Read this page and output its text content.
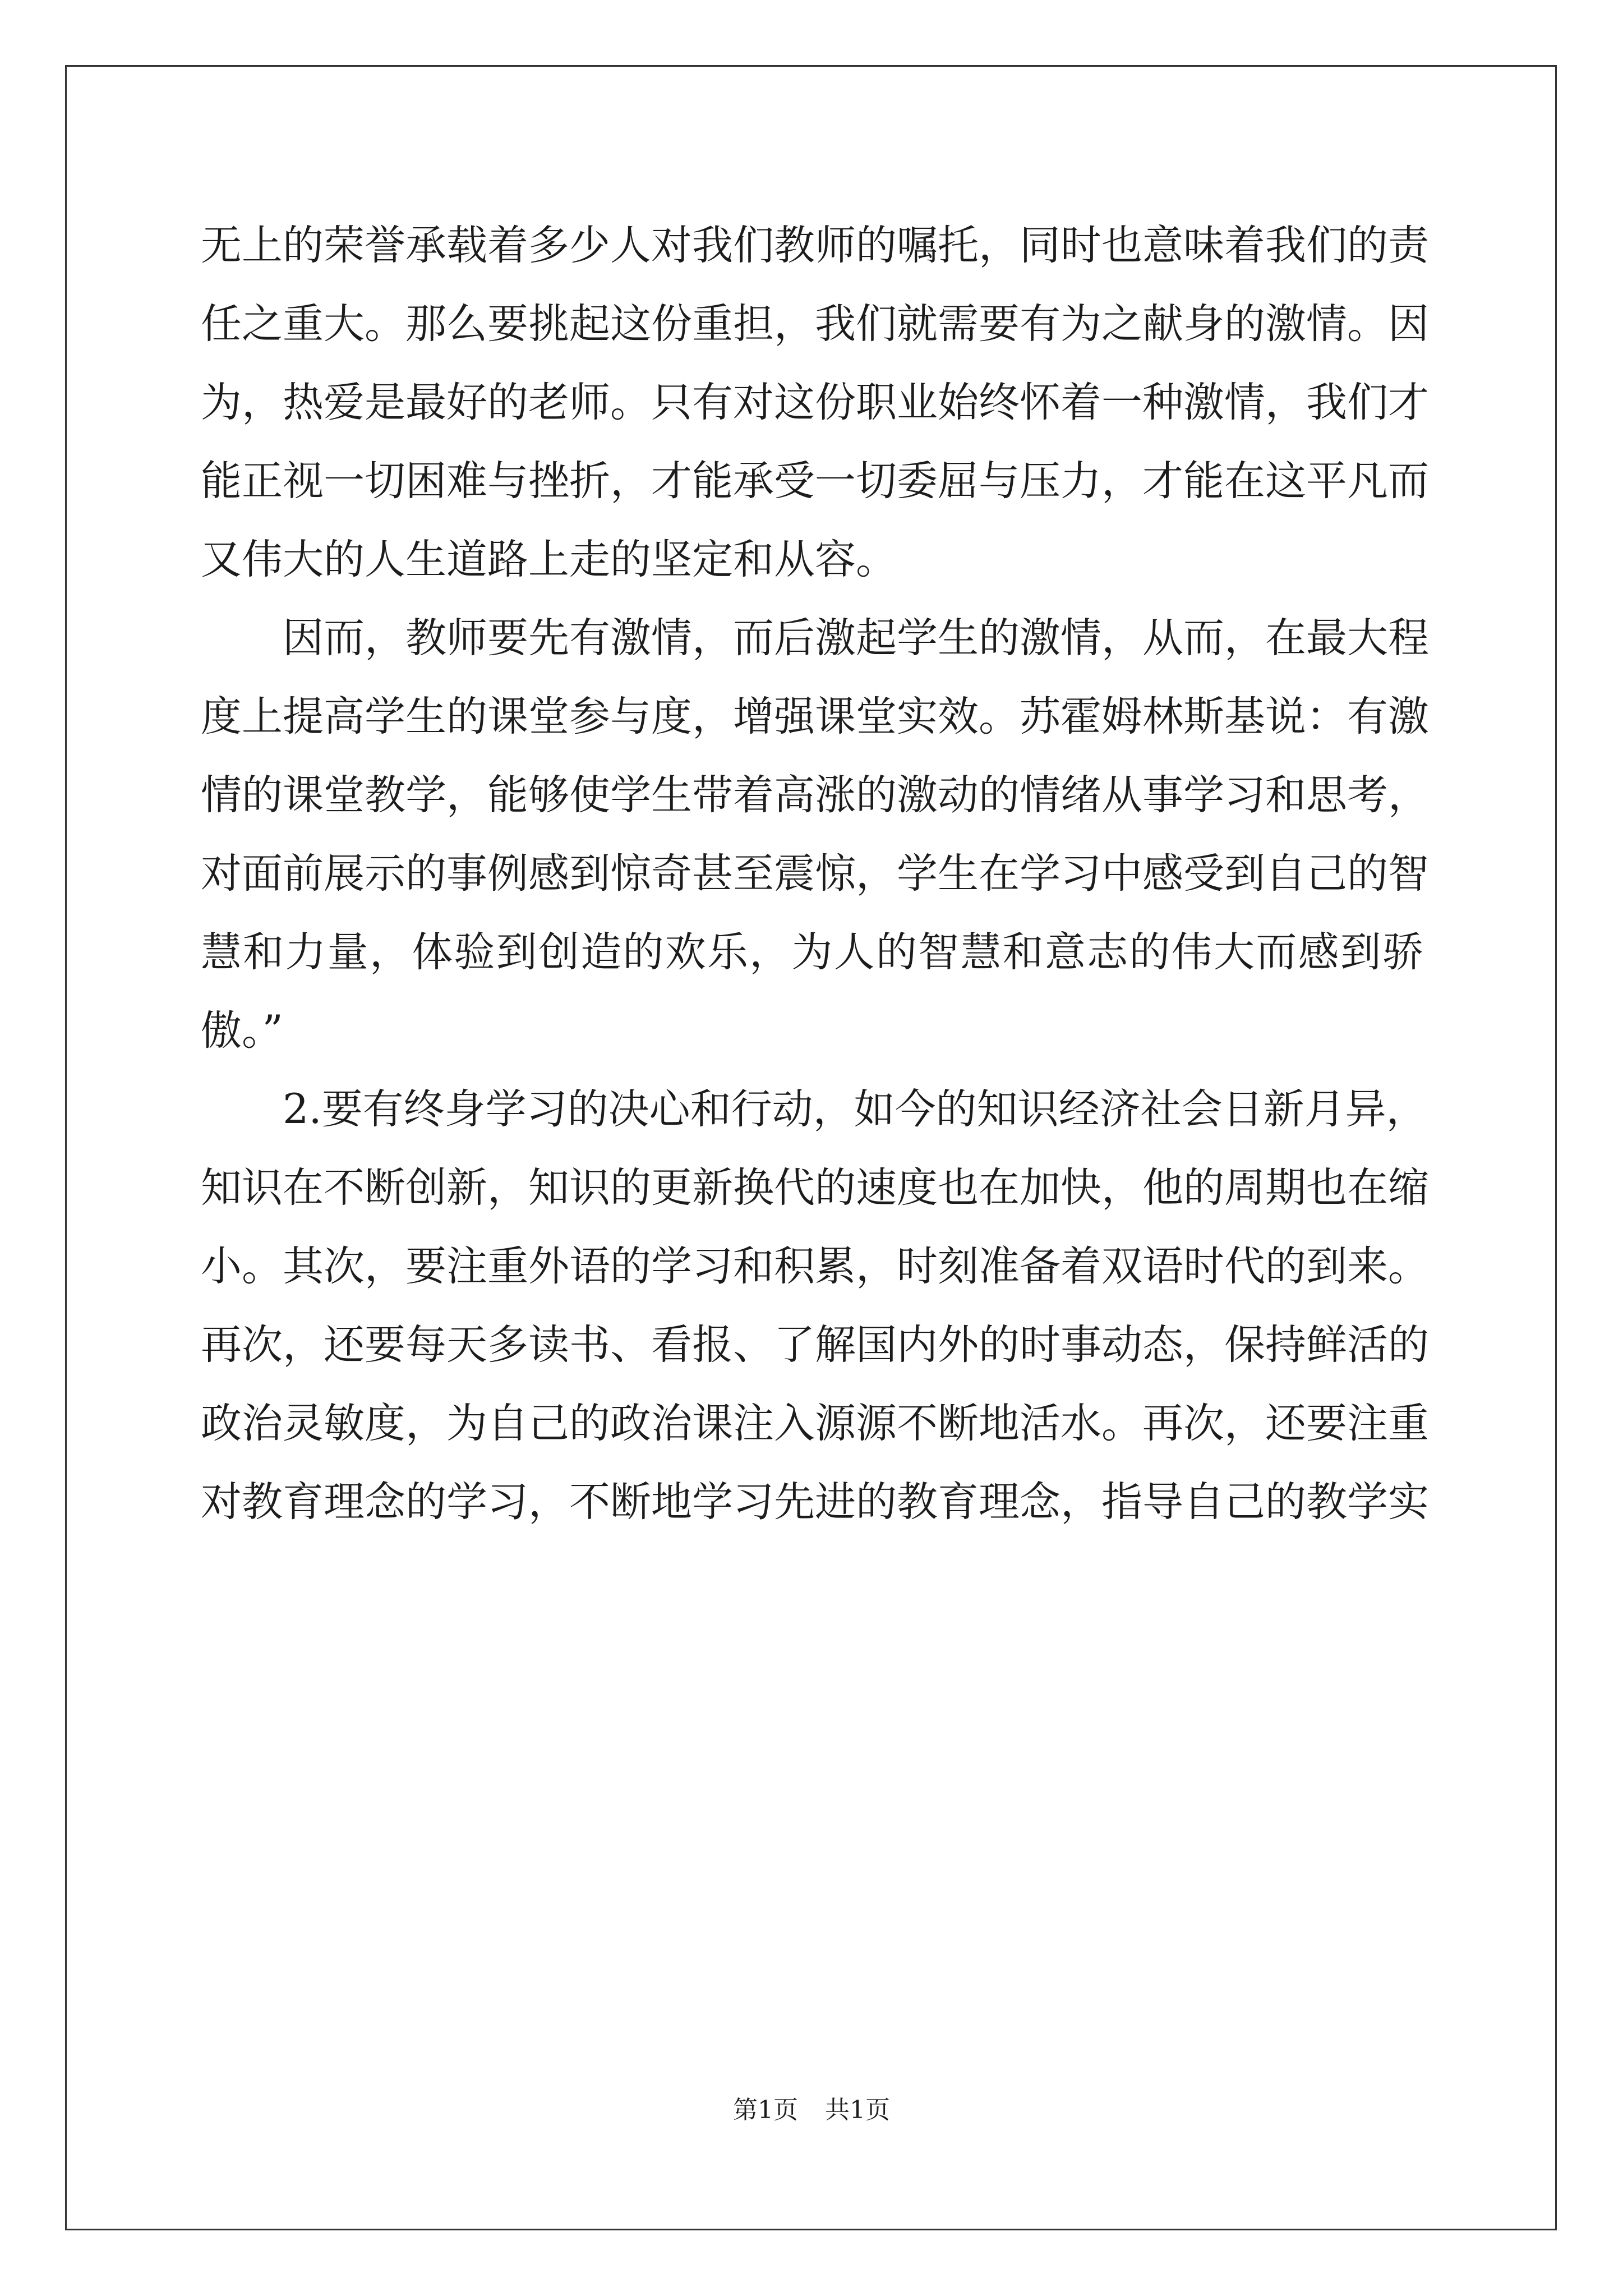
无上的荣誉承载着多少人对我们教师的嘱托，同时也意味着我们的责
任之重大。那么要挑起这份重担，我们就需要有为之献身的激情。因
为，热爱是最好的老师。只有对这份职业始终怀着一种激情，我们才
能正视一切困难与挫折，才能承受一切委屈与压力，才能在这平凡而
又伟大的人生道路上走的坚定和从容。
因而，教师要先有激情，而后激起学生的激情，从而，在最大程
度上提高学生的课堂参与度，增强课堂实效。苏霍姆林斯基说：有激
情的课堂教学，能够使学生带着高涨的激动的情绪从事学习和思考，
对面前展示的事例感到惊奇甚至震惊，学生在学习中感受到自己的智
慧和力量，体验到创造的欢乐，为人的智慧和意志的伟大而感到骄
傲。”
2.要有终身学习的决心和行动，如今的知识经济社会日新月异，
知识在不断创新，知识的更新换代的速度也在加快，他的周期也在缩
小。其次，要注重外语的学习和积累，时刻准备着双语时代的到来。
再次，还要每天多读书、看报、了解国内外的时事动态，保持鲜活的
政治灵敏度，为自己的政治课注入源源不断地活水。再次，还要注重
对教育理念的学习，不断地学习先进的教育理念，指导自己的教学实
第1页 共1页
